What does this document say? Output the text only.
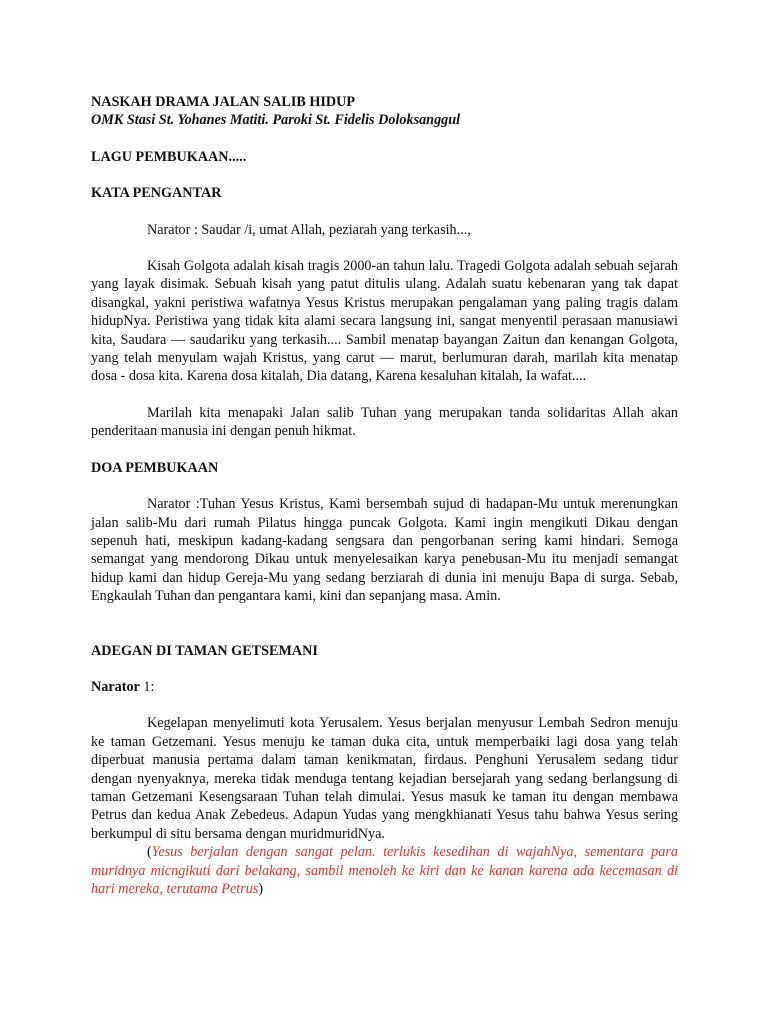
NASKAH DRAMA JALAN SALIB HIDUP

OMK Stasi St. Yohanes Matiti. Paroki St. Fidelis Doloksanggul

LAGU PEMBUKAAN.....

KATA PENGANTAR

Narator : Saudar /i, umat Allah, peziarah yang terkasih...,

Kisah Golgota adalah kisah tragis 2000-an tahun lalu. Tragedi Golgota adalah sebuah sejarah yang layak disimak. Sebuah kisah yang patut ditulis ulang. Adalah suatu kebenaran yang tak dapat disangkal, yakni peristiwa wafatnya Yesus Kristus merupakan pengalaman yang paling tragis dalam hidupNya. Peristiwa yang tidak kita alami secara langsung ini, sangat menyentil perasaan manusiawi kita, Saudara — saudariku yang terkasih.... Sambil menatap bayangan Zaitun dan kenangan Golgota, yang telah menyulam wajah Kristus, yang carut — marut, berlumuran darah, marilah kita menatap dosa - dosa kita. Karena dosa kitalah, Dia datang, Karena kesaluhan kitalah, Ia wafat....

Marilah kita menapaki Jalan salib Tuhan yang merupakan tanda solidaritas Allah akan penderitaan manusia ini dengan penuh hikmat.

DOA PEMBUKAAN

Narator :Tuhan Yesus Kristus, Kami bersembah sujud di hadapan-Mu untuk merenungkan jalan salib-Mu dari rumah Pilatus hingga puncak Golgota. Kami ingin mengikuti Dikau dengan sepenuh hati, meskipun kadang-kadang sengsara dan pengorbanan sering kami hindari. Semoga semangat yang mendorong Dikau untuk menyelesaikan karya penebusan-Mu itu menjadi semangat hidup kami dan hidup Gereja-Mu yang sedang berziarah di dunia ini menuju Bapa di surga. Sebab, Engkaulah Tuhan dan pengantara kami, kini dan sepanjang masa. Amin.

ADEGAN DI TAMAN GETSEMANI

Narator 1:

Kegelapan menyelimuti kota Yerusalem. Yesus berjalan menyusur Lembah Sedron menuju ke taman Getzemani. Yesus menuju ke taman duka cita, untuk memperbaiki lagi dosa yang telah diperbuat manusia pertama dalam taman kenikmatan, firdaus. Penghuni Yerusalem sedang tidur dengan nyenyaknya, mereka tidak menduga tentang kejadian bersejarah yang sedang berlangsung di taman Getzemani Kesengsaraan Tuhan telah dimulai. Yesus masuk ke taman itu dengan membawa Petrus dan kedua Anak Zebedeus. Adapun Yudas yang mengkhianati Yesus tahu bahwa Yesus sering berkumpul di situ bersama dengan muridmuridNya.

(Yesus berjalan dengan sangat pelan. terlukis kesedihan di wajahNya, sementara para muridnya micngikuti dari belakang, sambil menoleh ke kiri dan ke kanan karena ada kecemasan di hari mereka, terutama Petrus)
